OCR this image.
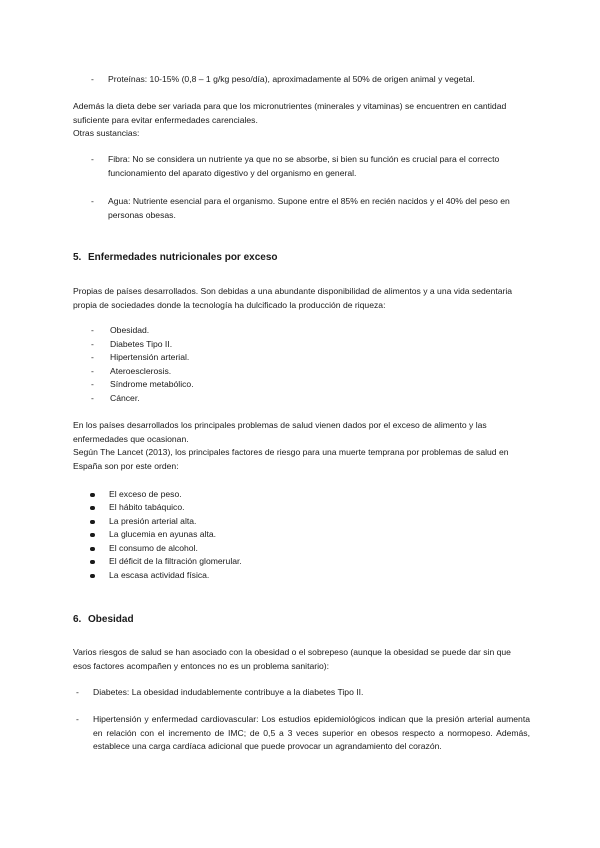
- Proteínas: 10-15% (0,8 – 1 g/kg peso/día), aproximadamente al 50% de origen animal y vegetal.

Además la dieta debe ser variada para que los micronutrientes (minerales y vitaminas) se encuentren en cantidad suficiente para evitar enfermedades carenciales.

Otras sustancias:

- Fibra: No se considera un nutriente ya que no se absorbe, si bien su función es crucial para el correcto funcionamiento del aparato digestivo y del organismo en general.
- Agua: Nutriente esencial para el organismo. Supone entre el 85% en recién nacidos y el 40% del peso en personas obesas.
5. Enfermedades nutricionales por exceso

Propias de países desarrollados. Son debidas a una abundante disponibilidad de alimentos y a una vida sedentaria propia de sociedades donde la tecnología ha dulcificado la producción de riqueza:

- Obesidad.
- Diabetes Tipo II.
- Hipertensión arterial.
- Ateroesclerosis.
- Síndrome metabólico.
- Cáncer.

En los países desarrollados los principales problemas de salud vienen dados por el exceso de alimento y las enfermedades que ocasionan.

Según The Lancet (2013), los principales factores de riesgo para una muerte temprana por problemas de salud en España son por este orden:

El exceso de peso.
El hábito tabáquico.
La presión arterial alta.
La glucemia en ayunas alta.
El consumo de alcohol.
El déficit de la filtración glomerular.
La escasa actividad física.
6. Obesidad

Varios riesgos de salud se han asociado con la obesidad o el sobrepeso (aunque la obesidad se puede dar sin que esos factores acompañen y entonces no es un problema sanitario):

- Diabetes: La obesidad indudablemente contribuye a la diabetes Tipo II.
- Hipertensión y enfermedad cardiovascular: Los estudios epidemiológicos indican que la presión arterial aumenta en relación con el incremento de IMC; de 0,5 a 3 veces superior en obesos respecto a normopeso. Además, establece una carga cardíaca adicional que puede provocar un agrandamiento del corazón.
